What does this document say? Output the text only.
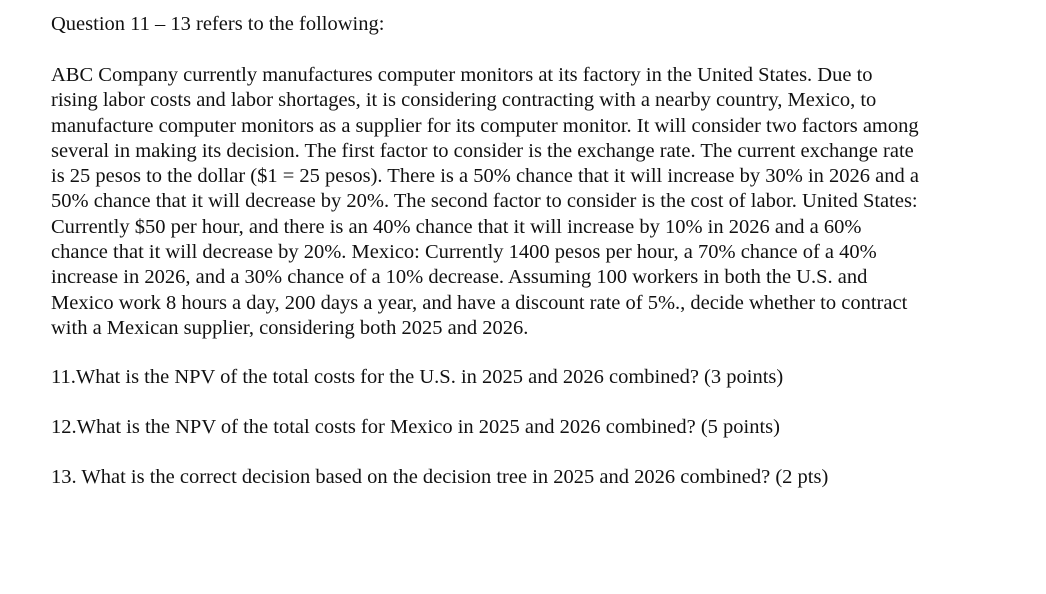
Question 11 – 13 refers to the following:

ABC Company currently manufactures computer monitors at its factory in the United States. Due to
rising labor costs and labor shortages, it is considering contracting with a nearby country, Mexico, to
manufacture computer monitors as a supplier for its computer monitor. It will consider two factors among
several in making its decision. The first factor to consider is the exchange rate. The current exchange rate
is 25 pesos to the dollar ($1 = 25 pesos). There is a 50% chance that it will increase by 30% in 2026 and a
50% chance that it will decrease by 20%. The second factor to consider is the cost of labor. United States:
Currently $50 per hour, and there is an 40% chance that it will increase by 10% in 2026 and a 60%
chance that it will decrease by 20%. Mexico: Currently 1400 pesos per hour, a 70% chance of a 40%
increase in 2026, and a 30% chance of a 10% decrease. Assuming 100 workers in both the U.S. and
Mexico work 8 hours a day, 200 days a year, and have a discount rate of 5%., decide whether to contract
with a Mexican supplier, considering both 2025 and 2026.

11.What is the NPV of the total costs for the U.S. in 2025 and 2026 combined? (3 points)

12.What is the NPV of the total costs for Mexico in 2025 and 2026 combined? (5 points)

13. What is the correct decision based on the decision tree in 2025 and 2026 combined? (2 pts)
